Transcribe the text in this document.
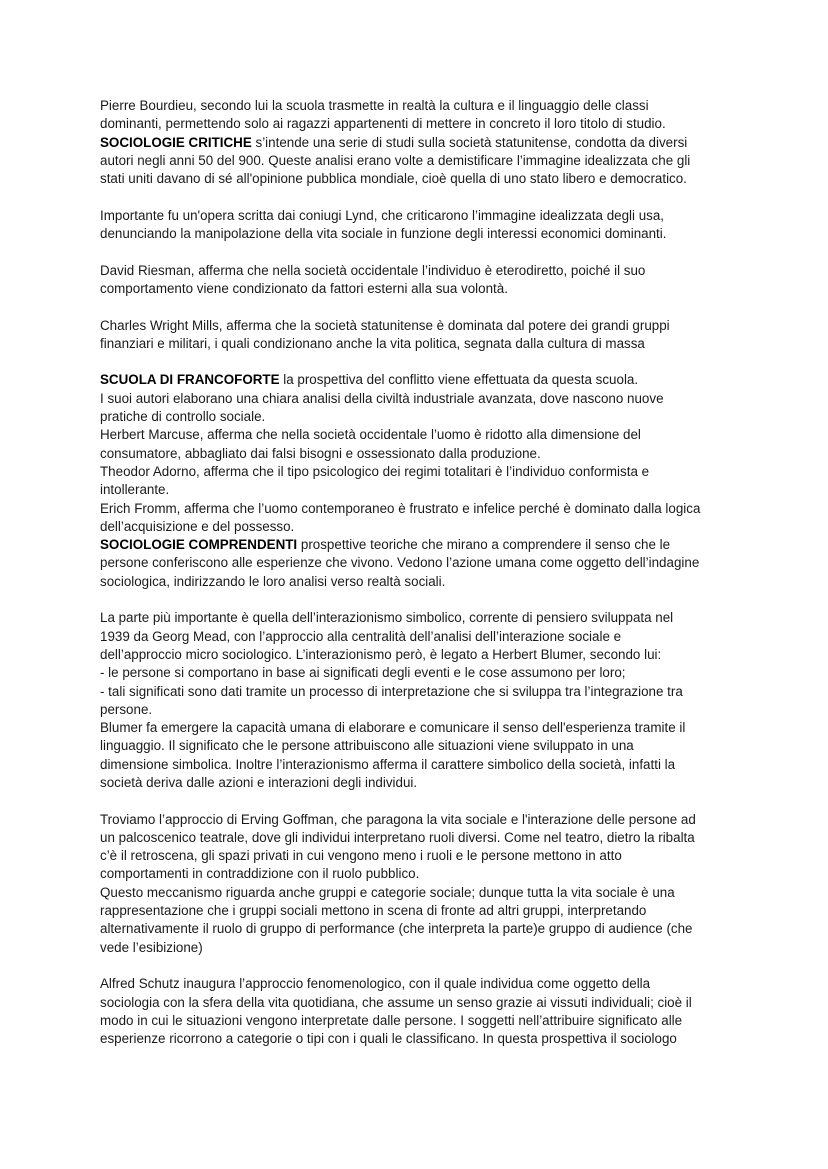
Pierre Bourdieu, secondo lui la scuola trasmette in realtà la cultura e il linguaggio delle classi
dominanti, permettendo solo ai ragazzi appartenenti di mettere in concreto il loro titolo di studio.
SOCIOLOGIE CRITICHE s’intende una serie di studi sulla società statunitense, condotta da diversi
autori negli anni 50 del 900. Queste analisi erano volte a demistificare l’immagine idealizzata che gli
stati uniti davano di sé all'opinione pubblica mondiale, cioè quella di uno stato libero e democratico.
Importante fu un'opera scritta dai coniugi Lynd, che criticarono l’immagine idealizzata degli usa,
denunciando la manipolazione della vita sociale in funzione degli interessi economici dominanti.
David Riesman, afferma che nella società occidentale l’individuo è eterodiretto, poiché il suo
comportamento viene condizionato da fattori esterni alla sua volontà.
Charles Wright Mills, afferma che la società statunitense è dominata dal potere dei grandi gruppi
finanziari e militari, i quali condizionano anche la vita politica, segnata dalla cultura di massa
SCUOLA DI FRANCOFORTE la prospettiva del conflitto viene effettuata da questa scuola.
I suoi autori elaborano una chiara analisi della civiltà industriale avanzata, dove nascono nuove
pratiche di controllo sociale.
Herbert Marcuse, afferma che nella società occidentale l’uomo è ridotto alla dimensione del
consumatore, abbagliato dai falsi bisogni e ossessionato dalla produzione.
Theodor Adorno, afferma che il tipo psicologico dei regimi totalitari è l’individuo conformista e
intollerante.
Erich Fromm, afferma che l’uomo contemporaneo è frustrato e infelice perché è dominato dalla logica
dell’acquisizione e del possesso.
SOCIOLOGIE COMPRENDENTI prospettive teoriche che mirano a comprendere il senso che le
persone conferiscono alle esperienze che vivono. Vedono l’azione umana come oggetto dell’indagine
sociologica, indirizzando le loro analisi verso realtà sociali.
La parte più importante è quella dell’interazionismo simbolico, corrente di pensiero sviluppata nel
1939 da Georg Mead, con l’approccio alla centralità dell’analisi dell’interazione sociale e
dell’approccio micro sociologico. L’interazionismo però, è legato a Herbert Blumer, secondo lui:
- le persone si comportano in base ai significati degli eventi e le cose assumono per loro;
- tali significati sono dati tramite un processo di interpretazione che si sviluppa tra l’integrazione tra
persone.
Blumer fa emergere la capacità umana di elaborare e comunicare il senso dell'esperienza tramite il
linguaggio. Il significato che le persone attribuiscono alle situazioni viene sviluppato in una
dimensione simbolica. Inoltre l’interazionismo afferma il carattere simbolico della società, infatti la
società deriva dalle azioni e interazioni degli individui.
Troviamo l’approccio di Erving Goffman, che paragona la vita sociale e l'interazione delle persone ad
un palcoscenico teatrale, dove gli individui interpretano ruoli diversi. Come nel teatro, dietro la ribalta
c’è il retroscena, gli spazi privati in cui vengono meno i ruoli e le persone mettono in atto
comportamenti in contraddizione con il ruolo pubblico.
Questo meccanismo riguarda anche gruppi e categorie sociale; dunque tutta la vita sociale è una
rappresentazione che i gruppi sociali mettono in scena di fronte ad altri gruppi, interpretando
alternativamente il ruolo di gruppo di performance (che interpreta la parte)e gruppo di audience (che
vede l’esibizione)
Alfred Schutz inaugura l’approccio fenomenologico, con il quale individua come oggetto della
sociologia con la sfera della vita quotidiana, che assume un senso grazie ai vissuti individuali; cioè il
modo in cui le situazioni vengono interpretate dalle persone. I soggetti nell’attribuire significato alle
esperienze ricorrono a categorie o tipi con i quali le classificano. In questa prospettiva il sociologo
